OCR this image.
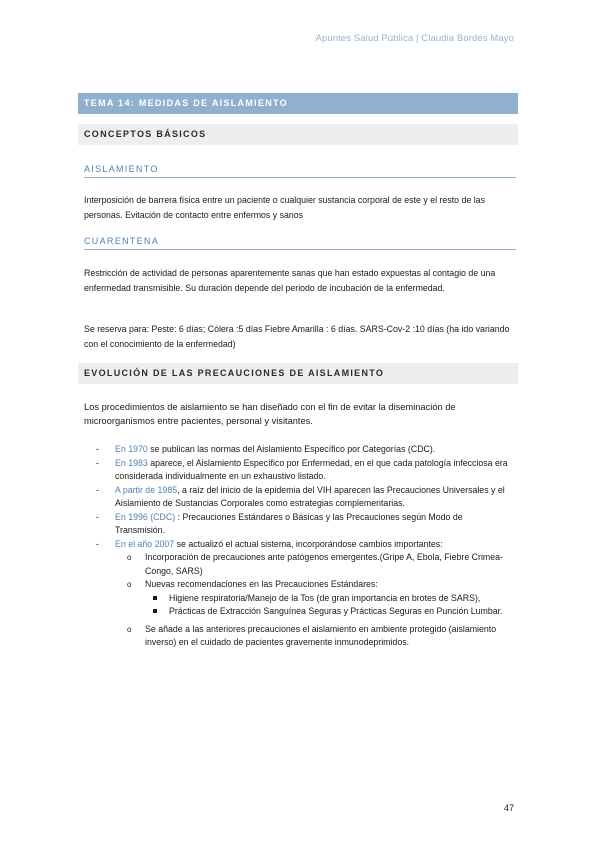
Apuntes Salud Pública | Claudia Bordés Mayo
TEMA 14: MEDIDAS DE AISLAMIENTO
CONCEPTOS BÁSICOS
AISLAMIENTO
Interposición de barrera física entre un paciente o cualquier sustancia corporal de este y el resto de las personas. Evitación de contacto entre enfermos y sanos
CUARENTENA
Restricción de actividad de personas aparentemente sanas que han estado expuestas al contagio de una enfermedad transmisible. Su duración depende del periodo de incubación de la enfermedad.
Se reserva para: Peste: 6 días; Cólera :5 días Fiebre Amarilla : 6 días. SARS-Cov-2 :10 días (ha ido variando con el conocimiento de la enfermedad)
EVOLUCIÓN DE LAS PRECAUCIONES DE AISLAMIENTO
Los procedimientos de aislamiento se han diseñado con el fin de evitar la diseminación de microorganismos entre pacientes, personal y visitantes.
- En 1970 se publican las normas del Aislamiento Específico por Categorías (CDC).
- En 1983 aparece, el Aislamiento Específico por Enfermedad, en el que cada patología infecciosa era considerada individualmente en un exhaustivo listado.
- A partir de 1985, a raíz del inicio de la epidemia del VIH aparecen las Precauciones Universales y el Aislamiento de Sustancias Corporales como estrategias complementarias.
- En 1996 (CDC) : Precauciones Estándares o Básicas y las Precauciones según Modo de Transmisión.
- En el año 2007 se actualizó el actual sistema, incorporándose cambios importantes:
o Incorporación de precauciones ante patógenos emergentes.(Gripe A, Ebola, Fiebre Crimea-Congo, SARS)
o Nuevas recomendaciones en las Precauciones Estándares:
Higiene respiratoria/Manejo de la Tos (de gran importancia en brotes de SARS),
Prácticas de Extracción Sanguínea Seguras y Prácticas Seguras en Punción Lumbar.
o Se añade a las anteriores precauciones el aislamiento en ambiente protegido (aislamiento inverso) en el cuidado de pacientes gravemente inmunodeprimidos.
47
